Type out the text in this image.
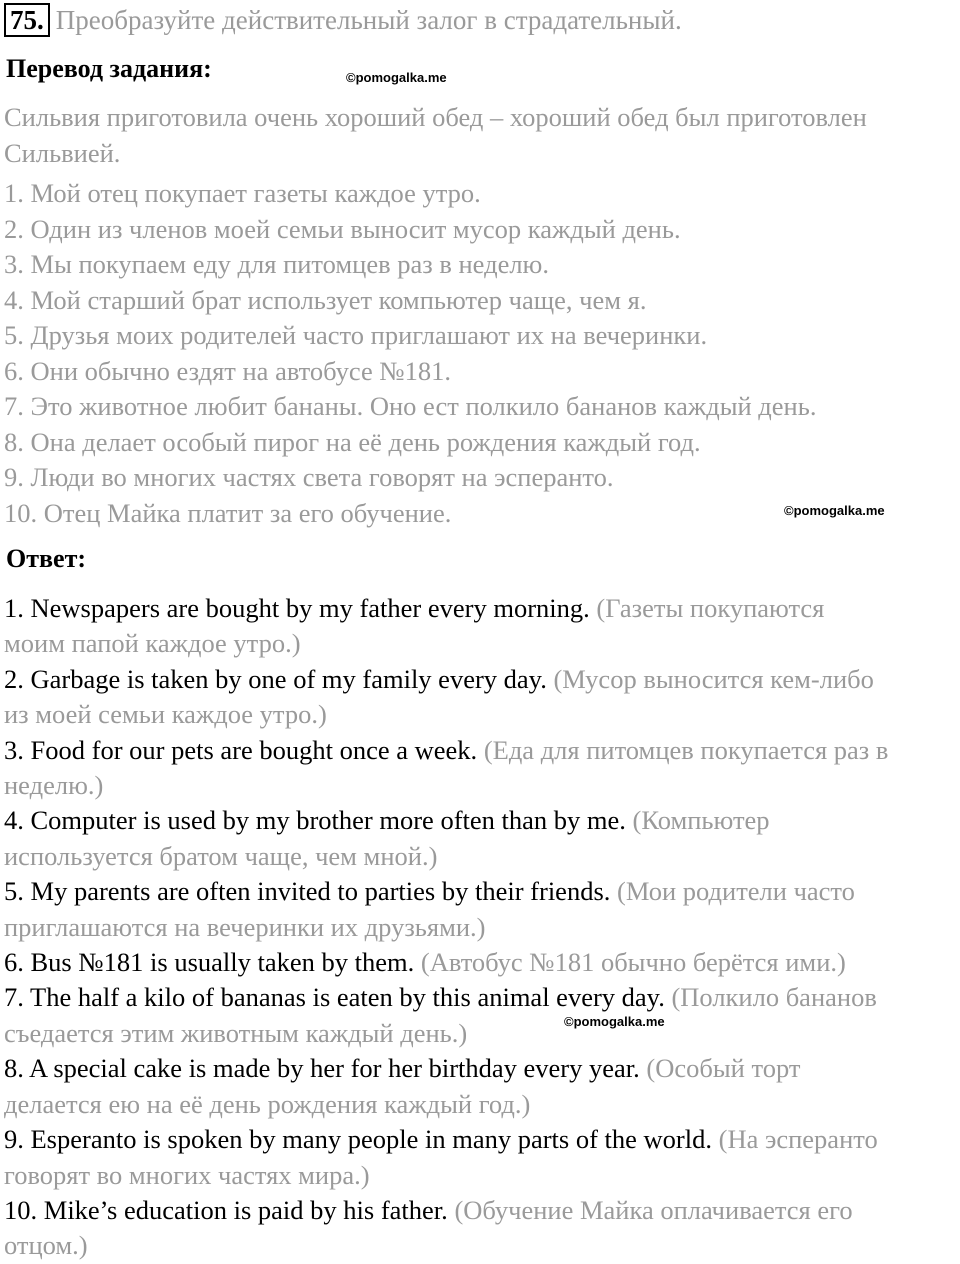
75. Преобразуйте действительный залог в страдательный.
Перевод задания:	©pomogalka.me
Сильвия приготовила очень хороший обед – хороший обед был приготовлен
Сильвией.
1. Мой отец покупает газеты каждое утро.
2. Один из членов моей семьи выносит мусор каждый день.
3. Мы покупаем еду для питомцев раз в неделю.
4. Мой старший брат использует компьютер чаще, чем я.
5. Друзья моих родителей часто приглашают их на вечеринки.
6. Они обычно ездят на автобусе №181.
7. Это животное любит бананы. Оно ест полкило бананов каждый день.
8. Она делает особый пирог на её день рождения каждый год.
9. Люди во многих частях света говорят на эсперанто.
10. Отец Майка платит за его обучение.	©pomogalka.me
Ответ:
1. Newspapers are bought by my father every morning. (Газеты покупаются
моим папой каждое утро.)
2. Garbage is taken by one of my family every day. (Мусор выносится кем-либо
из моей семьи каждое утро.)
3. Food for our pets are bought once a week. (Еда для питомцев покупается раз в
неделю.)
4. Computer is used by my brother more often than by me. (Компьютер
используется братом чаще, чем мной.)
5. My parents are often invited to parties by their friends. (Мои родители часто
приглашаются на вечеринки их друзьями.)
6. Bus №181 is usually taken by them. (Автобус №181 обычно берётся ими.)
7. The half a kilo of bananas is eaten by this animal every day. (Полкило бананов
съедается этим животным каждый день.)
8. A special cake is made by her for her birthday every year. (Особый торт
делается ею на её день рождения каждый год.)
9. Esperanto is spoken by many people in many parts of the world. (На эсперанто
говорят во многих частях мира.)
10. Mike’s education is paid by his father. (Обучение Майка оплачивается его
отцом.)
©pomogalka.me
